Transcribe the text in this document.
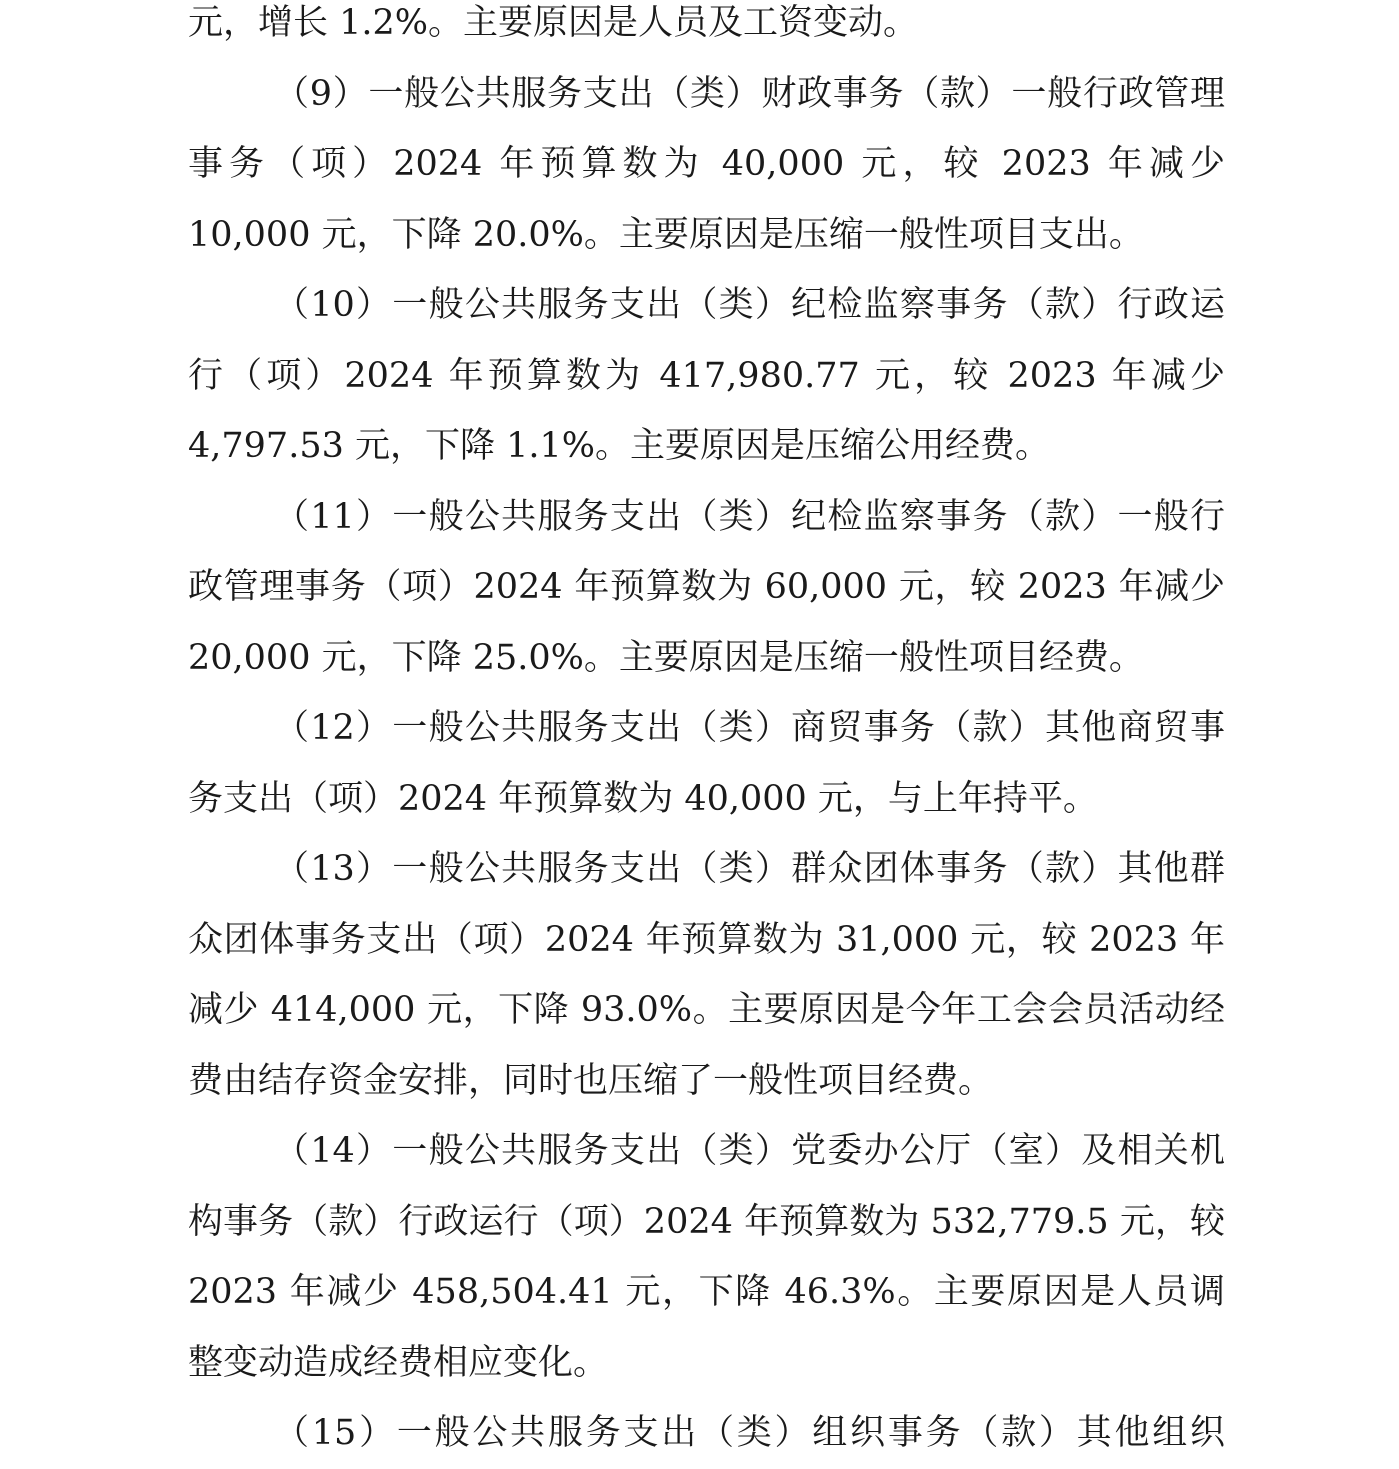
元，增长 1.2%。主要原因是人员及工资变动。

（9）一般公共服务支出（类）财政事务（款）一般行政管理事务（项）2024 年预算数为 40,000 元，较 2023 年减少 10,000 元，下降 20.0%。主要原因是压缩一般性项目支出。

（10）一般公共服务支出（类）纪检监察事务（款）行政运行（项）2024 年预算数为 417,980.77 元，较 2023 年减少 4,797.53 元，下降 1.1%。主要原因是压缩公用经费。

（11）一般公共服务支出（类）纪检监察事务（款）一般行政管理事务（项）2024 年预算数为 60,000 元，较 2023 年减少 20,000 元，下降 25.0%。主要原因是压缩一般性项目经费。

（12）一般公共服务支出（类）商贸事务（款）其他商贸事务支出（项）2024 年预算数为 40,000 元，与上年持平。

（13）一般公共服务支出（类）群众团体事务（款）其他群众团体事务支出（项）2024 年预算数为 31,000 元，较 2023 年减少 414,000 元，下降 93.0%。主要原因是今年工会会员活动经费由结存资金安排，同时也压缩了一般性项目经费。

（14）一般公共服务支出（类）党委办公厅（室）及相关机构事务（款）行政运行（项）2024 年预算数为 532,779.5 元，较 2023 年减少 458,504.41 元，下降 46.3%。主要原因是人员调整变动造成经费相应变化。

（15）一般公共服务支出（类）组织事务（款）其他组织
